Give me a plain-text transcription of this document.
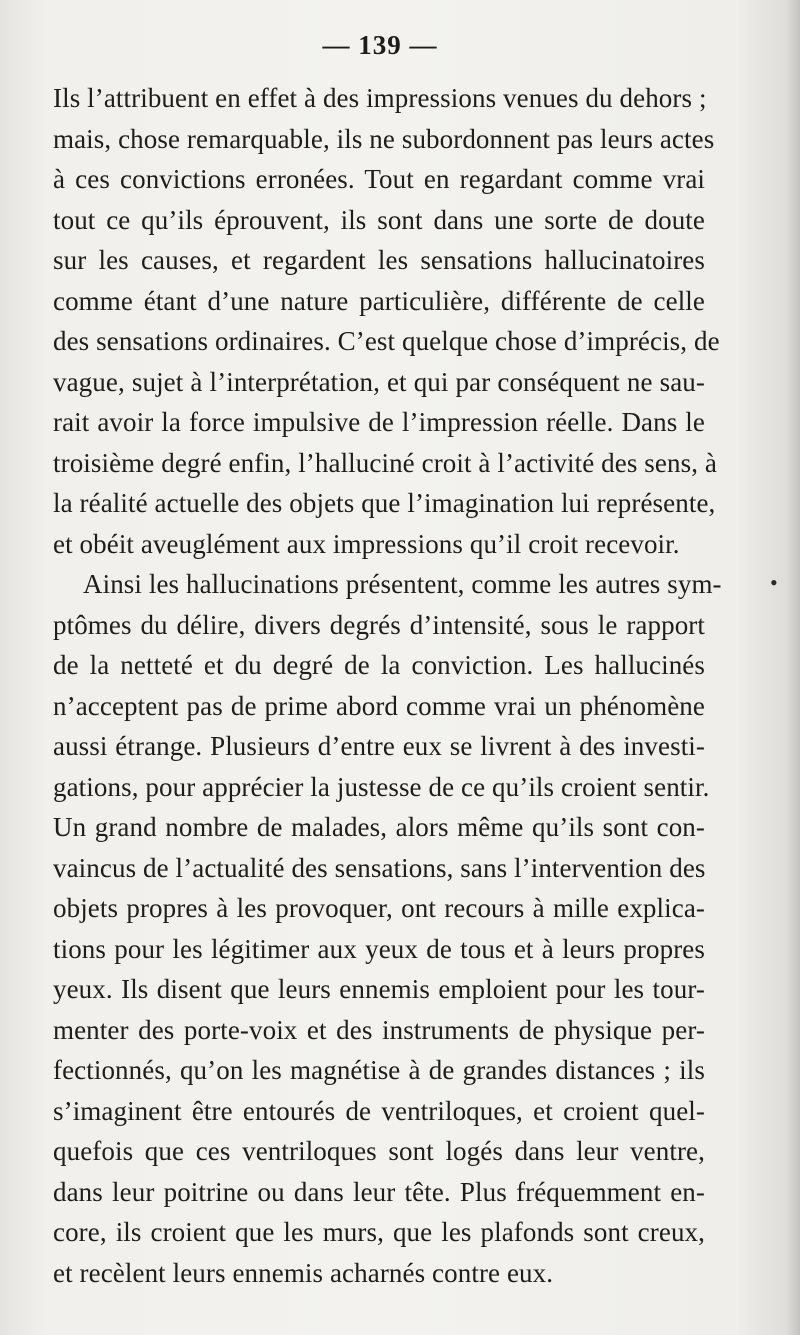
— 139 —
•
Ils l’attribuent en effet à des impressions venues du dehors ;
mais, chose remarquable, ils ne subordonnent pas leurs actes
à ces convictions erronées. Tout en regardant comme vrai
tout ce qu’ils éprouvent, ils sont dans une sorte de doute
sur les causes, et regardent les sensations hallucinatoires
comme étant d’une nature particulière, différente de celle
des sensations ordinaires. C’est quelque chose d’imprécis, de
vague, sujet à l’interprétation, et qui par conséquent ne sau-
rait avoir la force impulsive de l’impression réelle. Dans le
troisième degré enfin, l’halluciné croit à l’activité des sens, à
la réalité actuelle des objets que l’imagination lui représente,
et obéit aveuglément aux impressions qu’il croit recevoir.
Ainsi les hallucinations présentent, comme les autres sym-
ptômes du délire, divers degrés d’intensité, sous le rapport
de la netteté et du degré de la conviction. Les hallucinés
n’acceptent pas de prime abord comme vrai un phénomène
aussi étrange. Plusieurs d’entre eux se livrent à des investi-
gations, pour apprécier la justesse de ce qu’ils croient sentir.
Un grand nombre de malades, alors même qu’ils sont con-
vaincus de l’actualité des sensations, sans l’intervention des
objets propres à les provoquer, ont recours à mille explica-
tions pour les légitimer aux yeux de tous et à leurs propres
yeux. Ils disent que leurs ennemis emploient pour les tour-
menter des porte-voix et des instruments de physique per-
fectionnés, qu’on les magnétise à de grandes distances ; ils
s’imaginent être entourés de ventriloques, et croient quel-
quefois que ces ventriloques sont logés dans leur ventre,
dans leur poitrine ou dans leur tête. Plus fréquemment en-
core, ils croient que les murs, que les plafonds sont creux,
et recèlent leurs ennemis acharnés contre eux.
